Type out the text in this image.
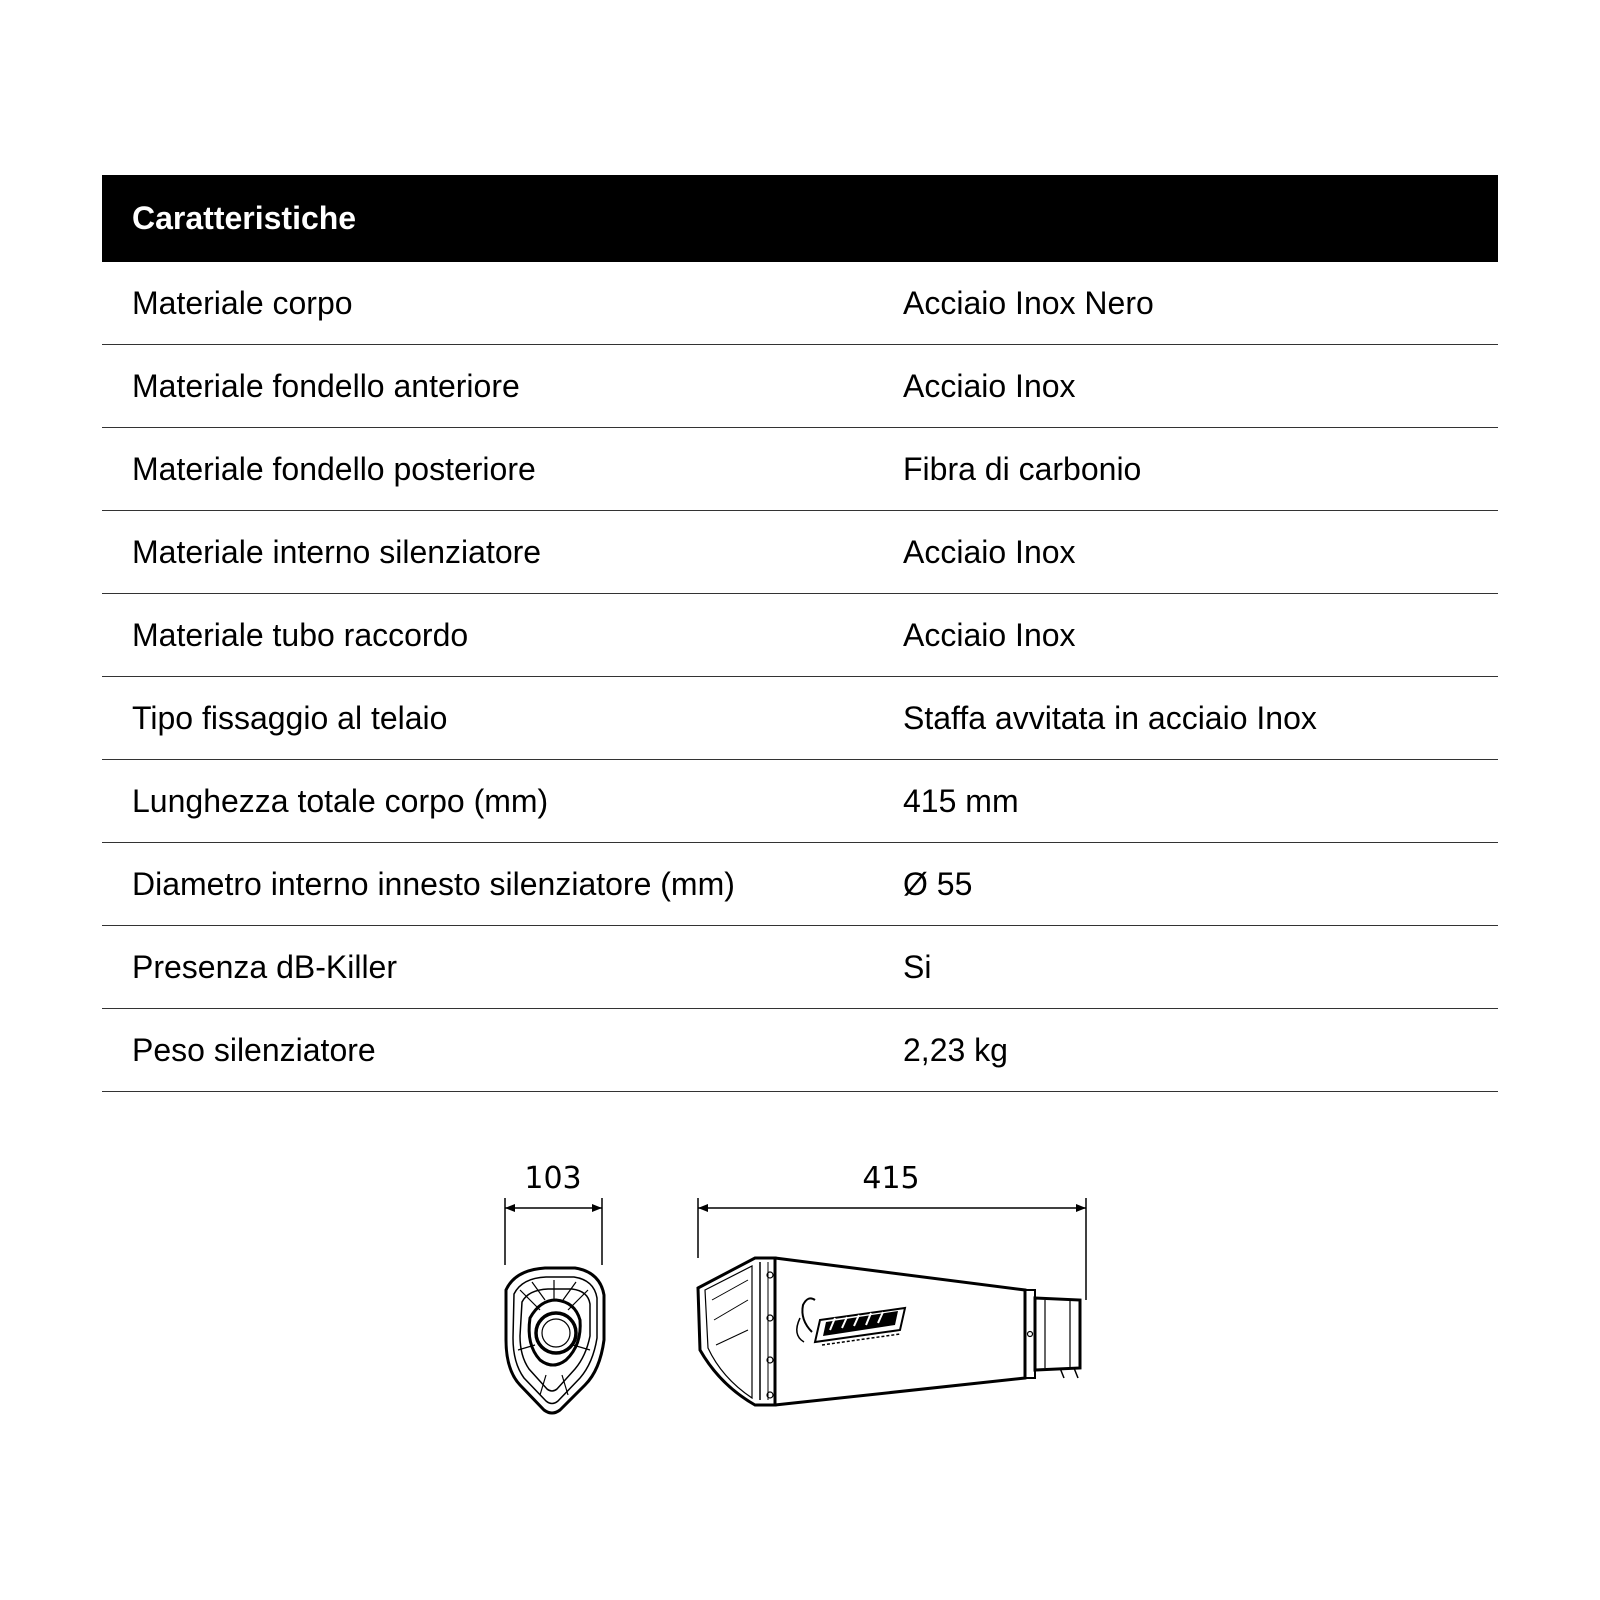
Caratteristiche
Materiale corpo	Acciaio Inox Nero
Materiale fondello anteriore	Acciaio Inox
Materiale fondello posteriore	Fibra di carbonio
Materiale interno silenziatore	Acciaio Inox
Materiale tubo raccordo	Acciaio Inox
Tipo fissaggio al telaio	Staffa avvitata in acciaio Inox
Lunghezza totale corpo (mm)	415 mm
Diametro interno innesto silenziatore (mm)	Ø 55
Presenza dB-Killer	Si
Peso silenziatore	2,23 kg
103	415
